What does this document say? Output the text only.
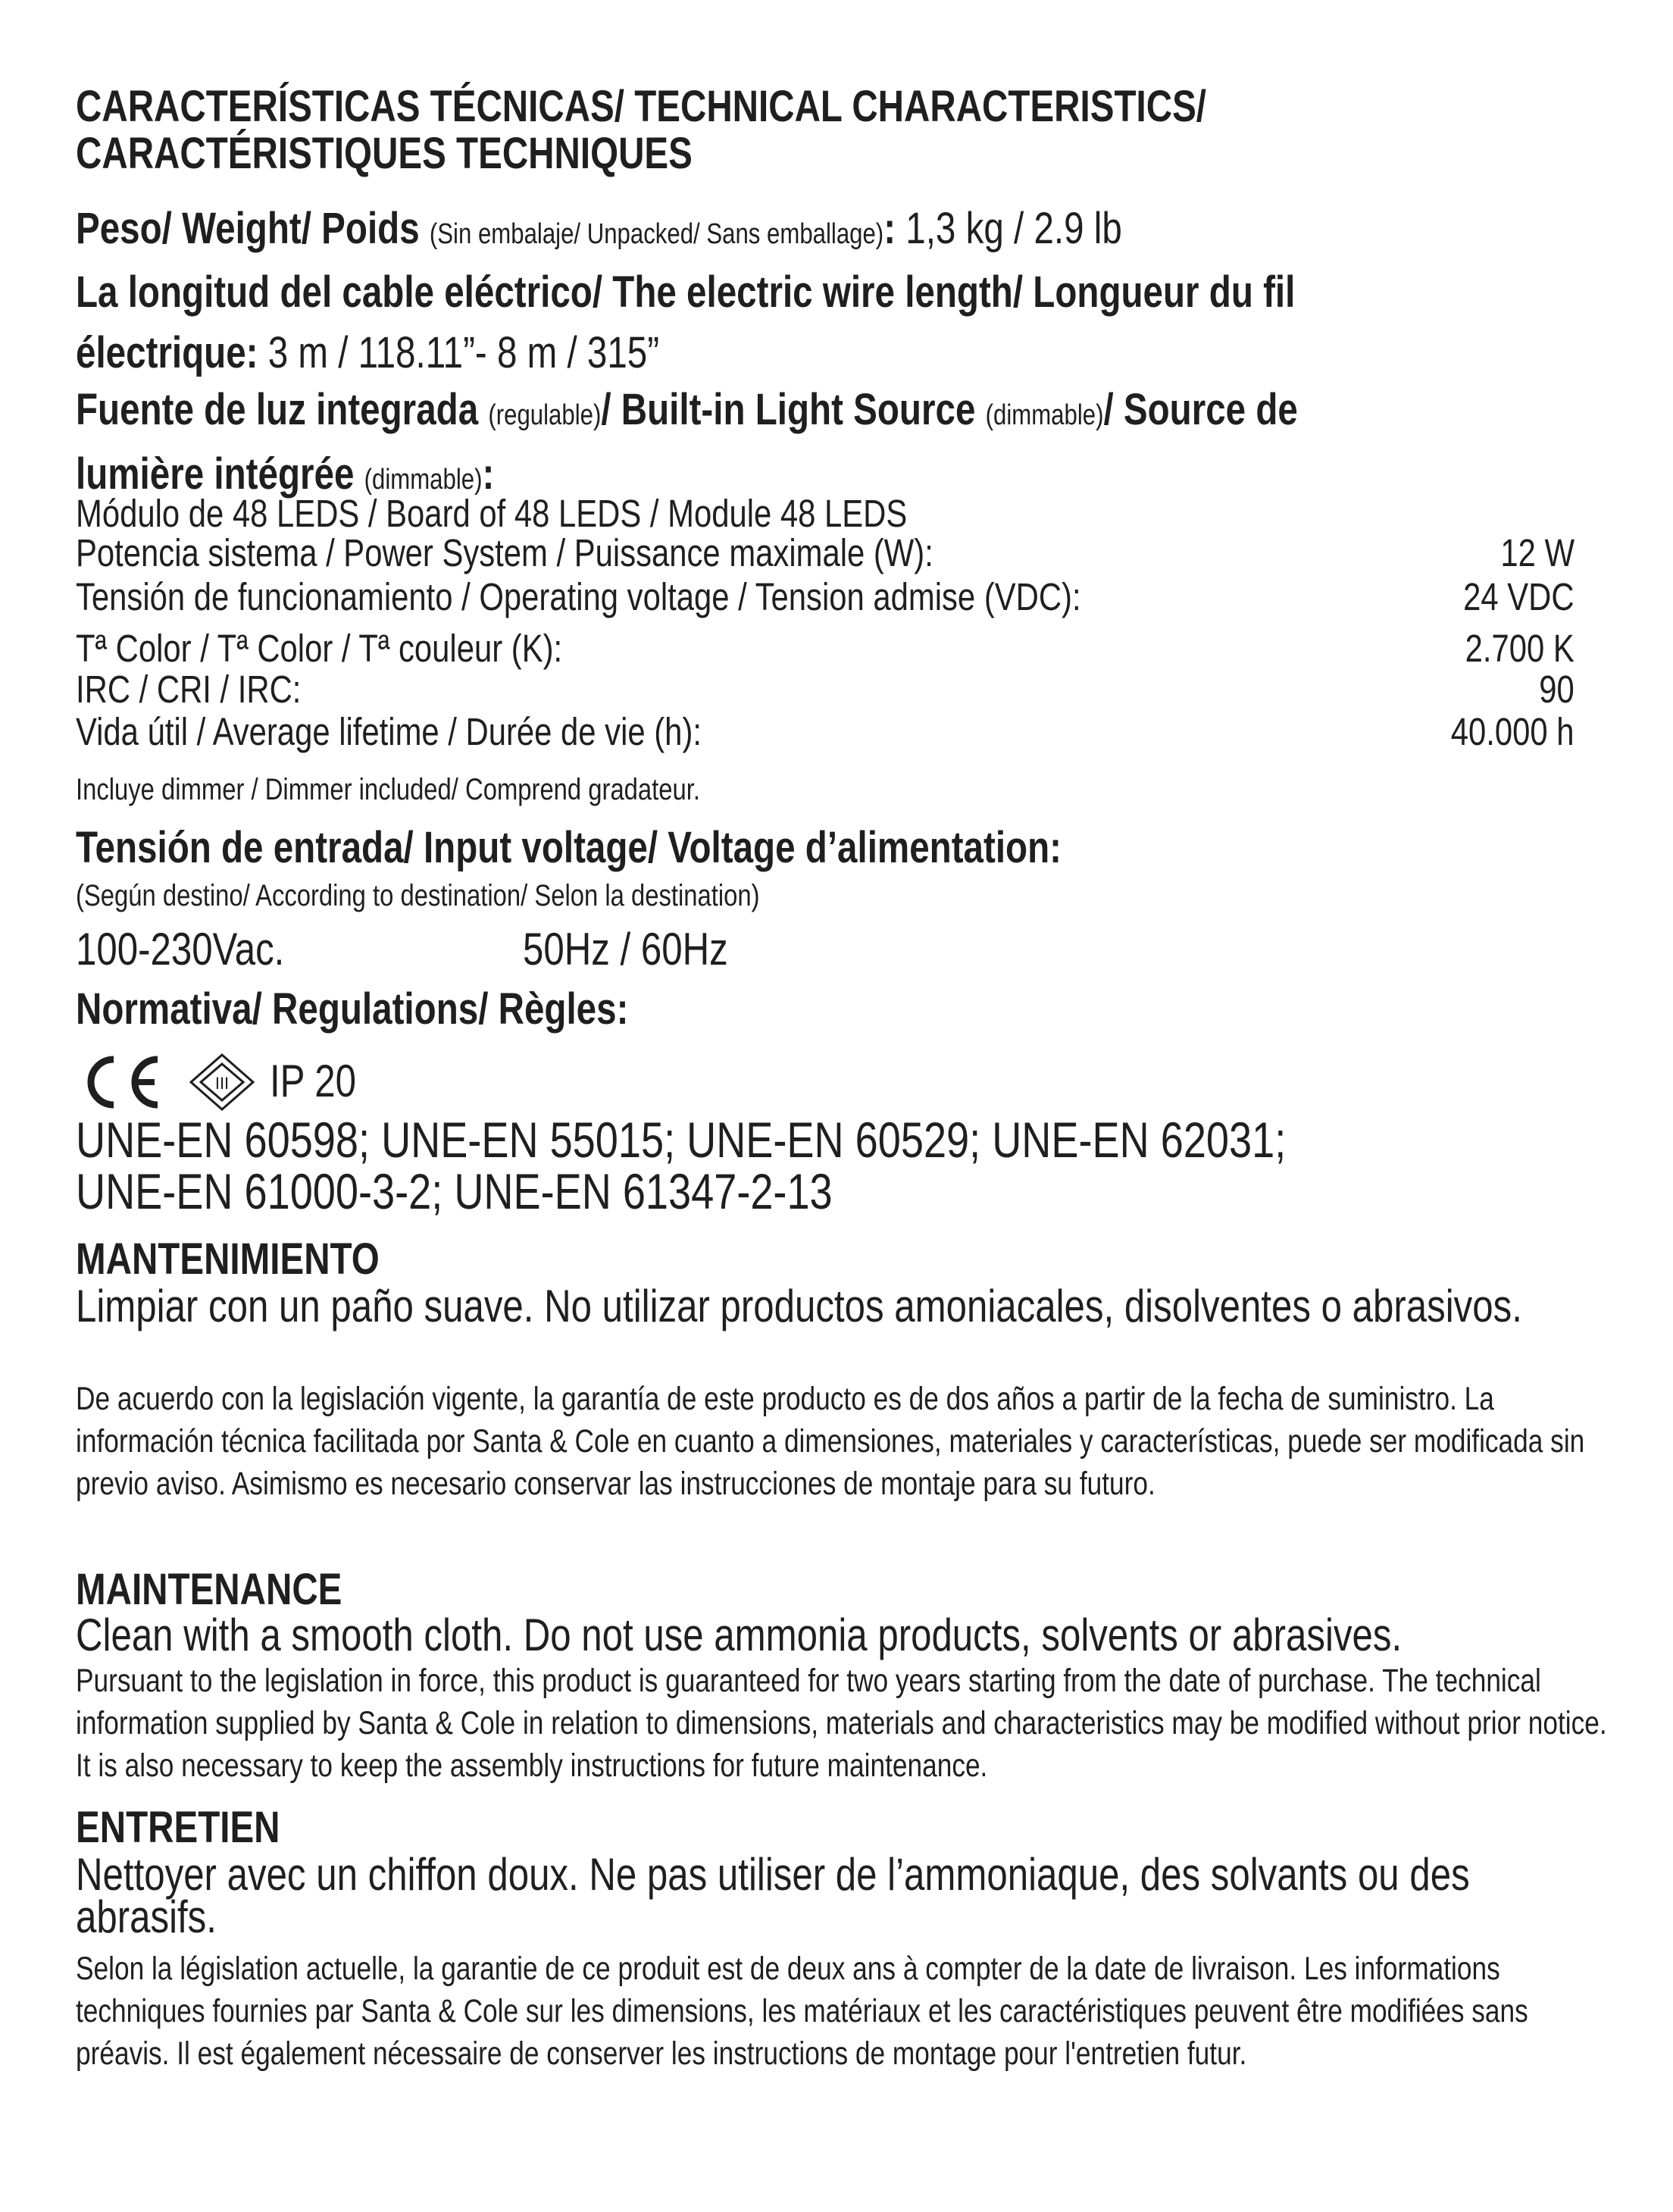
CARACTERÍSTICAS TÉCNICAS/ TECHNICAL CHARACTERISTICS/
CARACTÉRISTIQUES TECHNIQUES
Peso/ Weight/ Poids (Sin embalaje/ Unpacked/ Sans emballage): 1,3 kg / 2.9 lb
La longitud del cable eléctrico/ The electric wire length/ Longueur du fil
électrique: 3 m / 118.11”- 8 m / 315”
Fuente de luz integrada (regulable)/ Built-in Light Source (dimmable)/ Source de
lumière intégrée (dimmable):
Módulo de 48 LEDS / Board of 48 LEDS / Module 48 LEDS
Potencia sistema / Power System / Puissance maximale (W):	12 W
Tensión de funcionamiento / Operating voltage / Tension admise (VDC):	24 VDC
Tª Color / Tª Color / Tª couleur (K):	2.700 K
IRC / CRI / IRC:	90
Vida útil / Average lifetime / Durée de vie (h):	40.000 h
Incluye dimmer / Dimmer included/ Comprend gradateur.
Tensión de entrada/ Input voltage/ Voltage d’alimentation:
(Según destino/ According to destination/ Selon la destination)
100-230Vac.	50Hz / 60Hz
Normativa/ Regulations/ Règles:
III IP 20
UNE-EN 60598; UNE-EN 55015; UNE-EN 60529; UNE-EN 62031;
UNE-EN 61000-3-2; UNE-EN 61347-2-13
MANTENIMIENTO
Limpiar con un paño suave. No utilizar productos amoniacales, disolventes o abrasivos.
De acuerdo con la legislación vigente, la garantía de este producto es de dos años a partir de la fecha de suministro. La información técnica facilitada por Santa & Cole en cuanto a dimensiones, materiales y características, puede ser modificada sin previo aviso. Asimismo es necesario conservar las instrucciones de montaje para su futuro.
MAINTENANCE
Clean with a smooth cloth. Do not use ammonia products, solvents or abrasives.
Pursuant to the legislation in force, this product is guaranteed for two years starting from the date of purchase. The technical information supplied by Santa & Cole in relation to dimensions, materials and characteristics may be modified without prior notice. It is also necessary to keep the assembly instructions for future maintenance.
ENTRETIEN
Nettoyer avec un chiffon doux. Ne pas utiliser de l’ammoniaque, des solvants ou des abrasifs.
Selon la législation actuelle, la garantie de ce produit est de deux ans à compter de la date de livraison. Les informations techniques fournies par Santa & Cole sur les dimensions, les matériaux et les caractéristiques peuvent être modifiées sans préavis. Il est également nécessaire de conserver les instructions de montage pour l'entretien futur.
